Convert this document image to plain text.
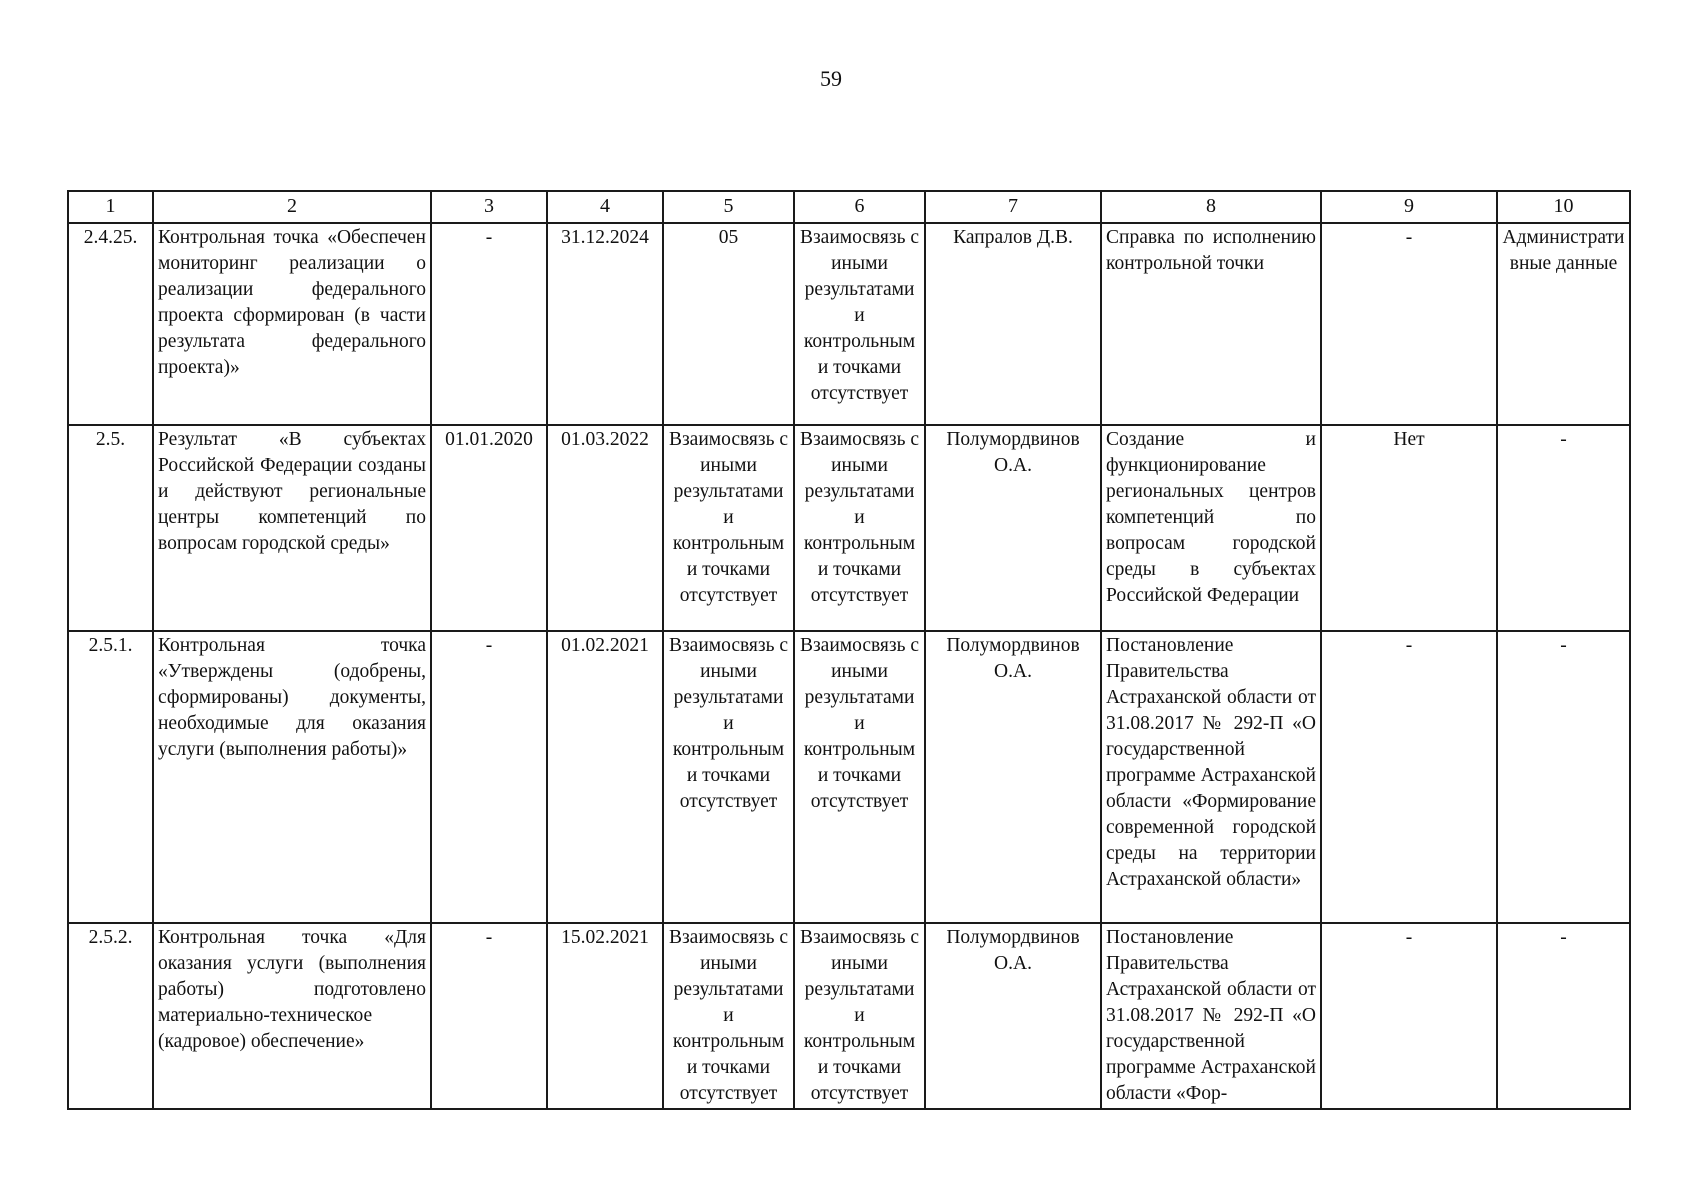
59
1	2	3	4	5	6	7	8	9	10
2.4.25.	Контрольная точка «Обеспечен мониторинг реализации о реализации федерального проекта сформирован (в части результата федерального проекта)»	-	31.12.2024	05	Взаимосвязь с иными результатами и контрольными точками отсутствует	Капралов Д.В.	Справка по исполнению контрольной точки	-	Административные данные
2.5.	Результат «В субъектах Российской Федерации созданы и действуют региональные центры компетенций по вопросам городской среды»	01.01.2020	01.03.2022	Взаимосвязь с иными результатами и контрольными точками отсутствует	Взаимосвязь с иными результатами и контрольными точками отсутствует	Полумордвинов О.А.	Создание и функционирование региональных центров компетенций по вопросам городской среды в субъектах Российской Федерации	Нет	-
2.5.1.	Контрольная точка «Утверждены (одобрены, сформированы) документы, необходимые для оказания услуги (выполнения работы)»	-	01.02.2021	Взаимосвязь с иными результатами и контрольными точками отсутствует	Взаимосвязь с иными результатами и контрольными точками отсутствует	Полумордвинов О.А.	Постановление Правительства Астраханской области от 31.08.2017 № 292-П «О государственной программе Астраханской области «Формирование современной городской среды на территории Астраханской области»	-	-
2.5.2.	Контрольная точка «Для оказания услуги (выполнения работы) подготовлено материально-техническое (кадровое) обеспечение»	-	15.02.2021	Взаимосвязь с иными результатами и контрольными точками отсутствует	Взаимосвязь с иными результатами и контрольными точками отсутствует	Полумордвинов О.А.	Постановление Правительства Астраханской области от 31.08.2017 № 292-П «О государственной программе Астраханской области «Фор-	-	-
